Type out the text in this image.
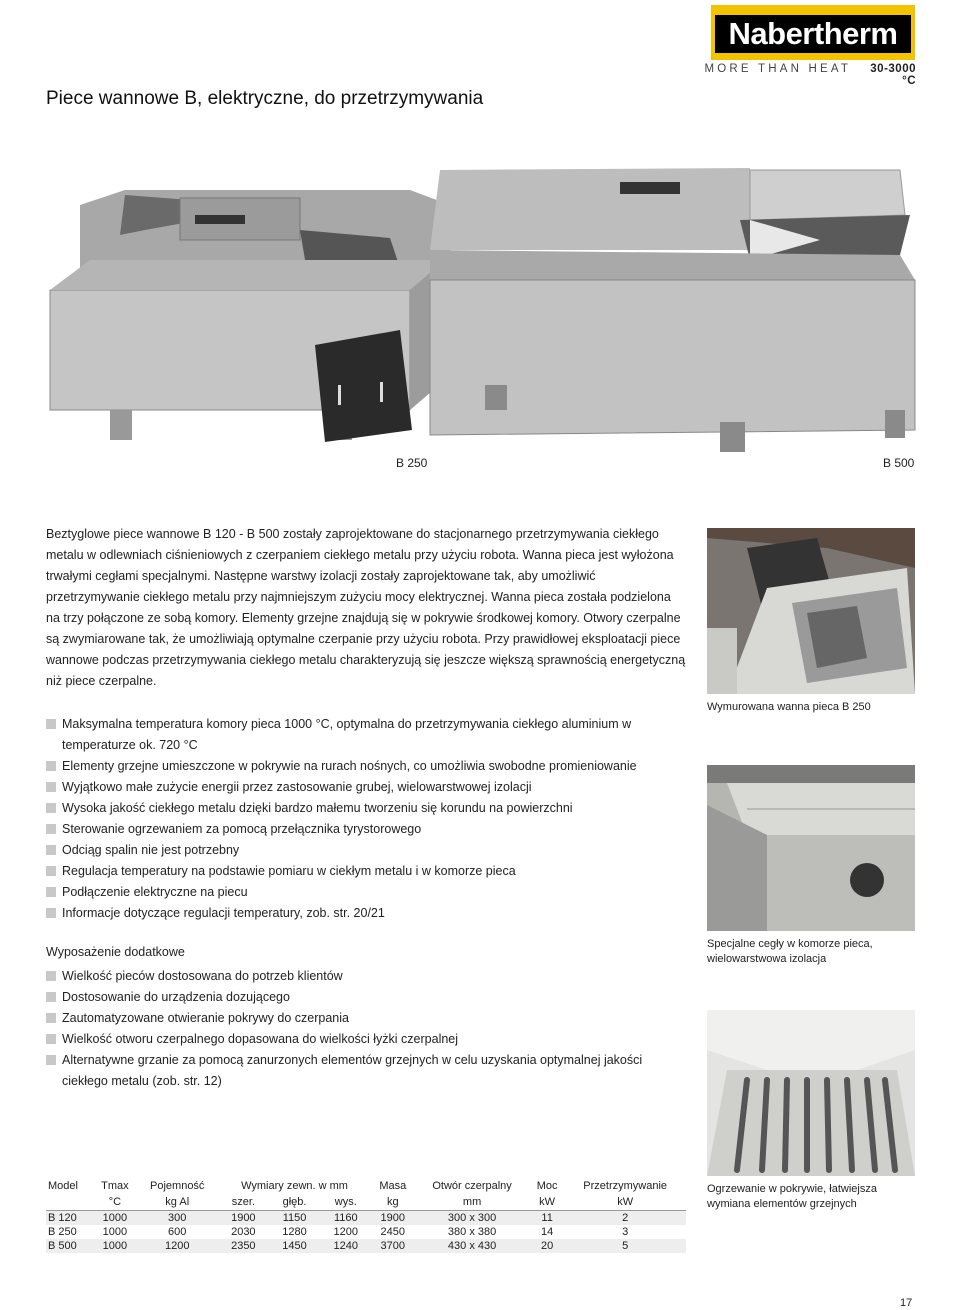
Nabertherm
MORE THAN HEAT 30-3000 °C
Piece wannowe B, elektryczne, do przetrzymywania
B 250	B 500

Beztyglowe piece wannowe B 120 - B 500 zostały zaprojektowane do stacjonarnego przetrzymywania ciekłego metalu w odlewniach ciśnieniowych z czerpaniem ciekłego metalu przy użyciu robota. Wanna pieca jest wyłożona trwałymi cegłami specjalnymi. Następne warstwy izolacji zostały zaprojektowane tak, aby umożliwić przetrzymywanie ciekłego metalu przy najmniejszym zużyciu mocy elektrycznej. Wanna pieca została podzielona na trzy połączone ze sobą komory. Elementy grzejne znajdują się w pokrywie środkowej komory. Otwory czerpalne są zwymiarowane tak, że umożliwiają optymalne czerpanie przy użyciu robota. Przy prawidłowej eksploatacji piece wannowe podczas przetrzymywania ciekłego metalu charakteryzują się jeszcze większą sprawnością energetyczną niż piece czerpalne.

Maksymalna temperatura komory pieca 1000 °C, optymalna do przetrzymywania ciekłego aluminium w temperaturze ok. 720 °C
Elementy grzejne umieszczone w pokrywie na rurach nośnych, co umożliwia swobodne promieniowanie
Wyjątkowo małe zużycie energii przez zastosowanie grubej, wielowarstwowej izolacji
Wysoka jakość ciekłego metalu dzięki bardzo małemu tworzeniu się korundu na powierzchni
Sterowanie ogrzewaniem za pomocą przełącznika tyrystorowego
Odciąg spalin nie jest potrzebny
Regulacja temperatury na podstawie pomiaru w ciekłym metalu i w komorze pieca
Podłączenie elektryczne na piecu
Informacje dotyczące regulacji temperatury, zob. str. 20/21
Wyposażenie dodatkowe
Wielkość pieców dostosowana do potrzeb klientów
Dostosowanie do urządzenia dozującego
Zautomatyzowane otwieranie pokrywy do czerpania
Wielkość otworu czerpalnego dopasowana do wielkości łyżki czerpalnej
Alternatywne grzanie za pomocą zanurzonych elementów grzejnych w celu uzyskania optymalnej jakości ciekłego metalu (zob. str. 12)
Wymurowana wanna pieca B 250
Specjalne cegły w komorze pieca, wielowarstwowa izolacja
Ogrzewanie w pokrywie, łatwiejsza wymiana elementów grzejnych
Model	Tmax	Pojemność	Wymiary zewn. w mm			Masa	Otwór czerpalny	Moc	Przetrzymywanie
	°C	kg Al	szer.	głęb.	wys.	kg	mm	kW	kW
B 120	1000	300	1900	1150	1160	1900	300 x 300	11	2
B 250	1000	600	2030	1280	1200	2450	380 x 380	14	3
B 500	1000	1200	2350	1450	1240	3700	430 x 430	20	5
17
